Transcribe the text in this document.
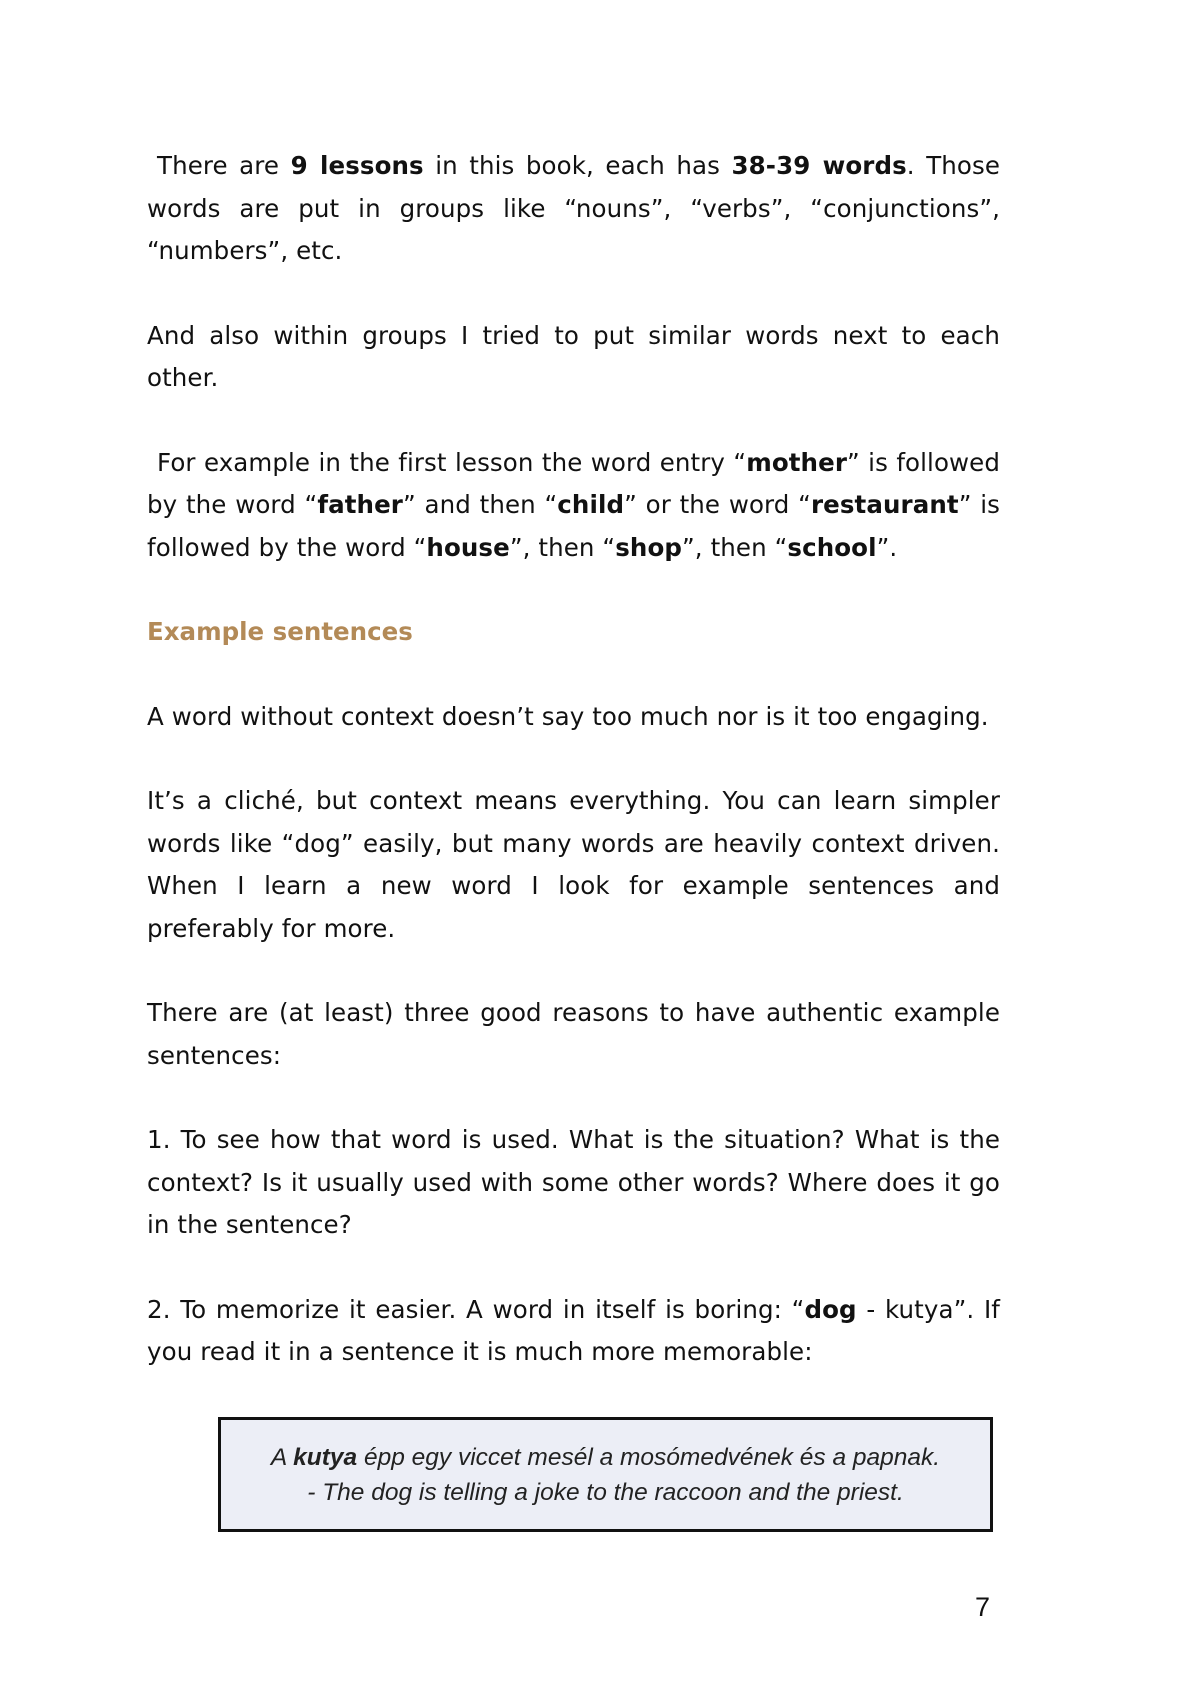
There are 9 lessons in this book, each has 38-39 words. Those words are put in groups like “nouns”, “verbs”, “conjunctions”, “numbers”, etc.

And also within groups I tried to put similar words next to each other.

For example in the first lesson the word entry “mother” is followed by the word “father” and then “child” or the word “restaurant” is followed by the word “house”, then “shop”, then “school”.

Example sentences

A word without context doesn’t say too much nor is it too engaging.

It’s a cliché, but context means everything. You can learn simpler words like “dog” easily, but many words are heavily context driven. When I learn a new word I look for example sentences and preferably for more.

There are (at least) three good reasons to have authentic example sentences:

1. To see how that word is used. What is the situation? What is the context? Is it usually used with some other words? Where does it go in the sentence?

2. To memorize it easier. A word in itself is boring: “dog - kutya”. If you read it in a sentence it is much more memorable:

A kutya épp egy viccet mesél a mosómedvének és a papnak.
- The dog is telling a joke to the raccoon and the priest.
7
